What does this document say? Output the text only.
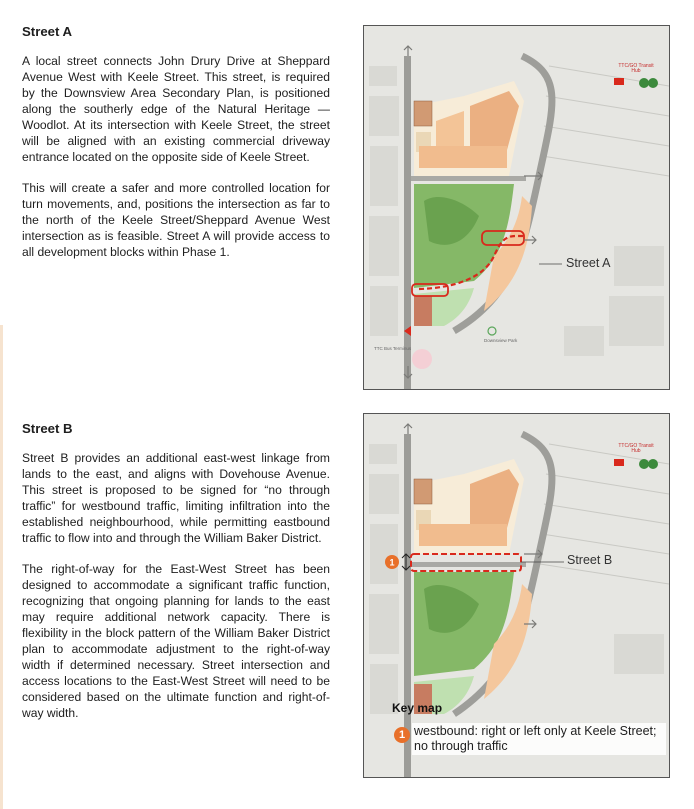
Street A

A local street connects John Drury Drive at Sheppard Avenue West with Keele Street. This street, is required by the Downsview Area Secondary Plan, is positioned along the southerly edge of the Natural Heritage — Woodlot. At its intersection with Keele Street, the street will be aligned with an existing commercial driveway entrance located on the opposite side of Keele Street.

This will create a safer and more controlled location for turn movements, and, positions the intersection as far to the north of the Keele Street/Sheppard Avenue West intersection as is feasible. Street A will provide access to all development blocks within Phase 1.

Street B

Street B provides an additional east-west linkage from lands to the east, and aligns with Dovehouse Avenue. This street is proposed to be signed for “no through traffic” for westbound traffic, limiting infiltration into the established neighbourhood, while permitting eastbound traffic to flow into and through the William Baker District.

The right-of-way for the East-West Street has been designed to accommodate a significant traffic function, recognizing that ongoing planning for lands to the east may require additional network capacity. There is flexibility in the block pattern of the William Baker District plan to accommodate adjustment to the right-of-way width if determined necessary. Street intersection and access locations to the East-West Street will need to be considered based on the ultimate function and right-of-way width.

TTC/GO Transit Hub
TTC Bus Terminus
Downsview Park
Street A
1
TTC/GO Transit Hub
Street B
Key map
1 westbound: right or left only at Keele Street; no through traffic
